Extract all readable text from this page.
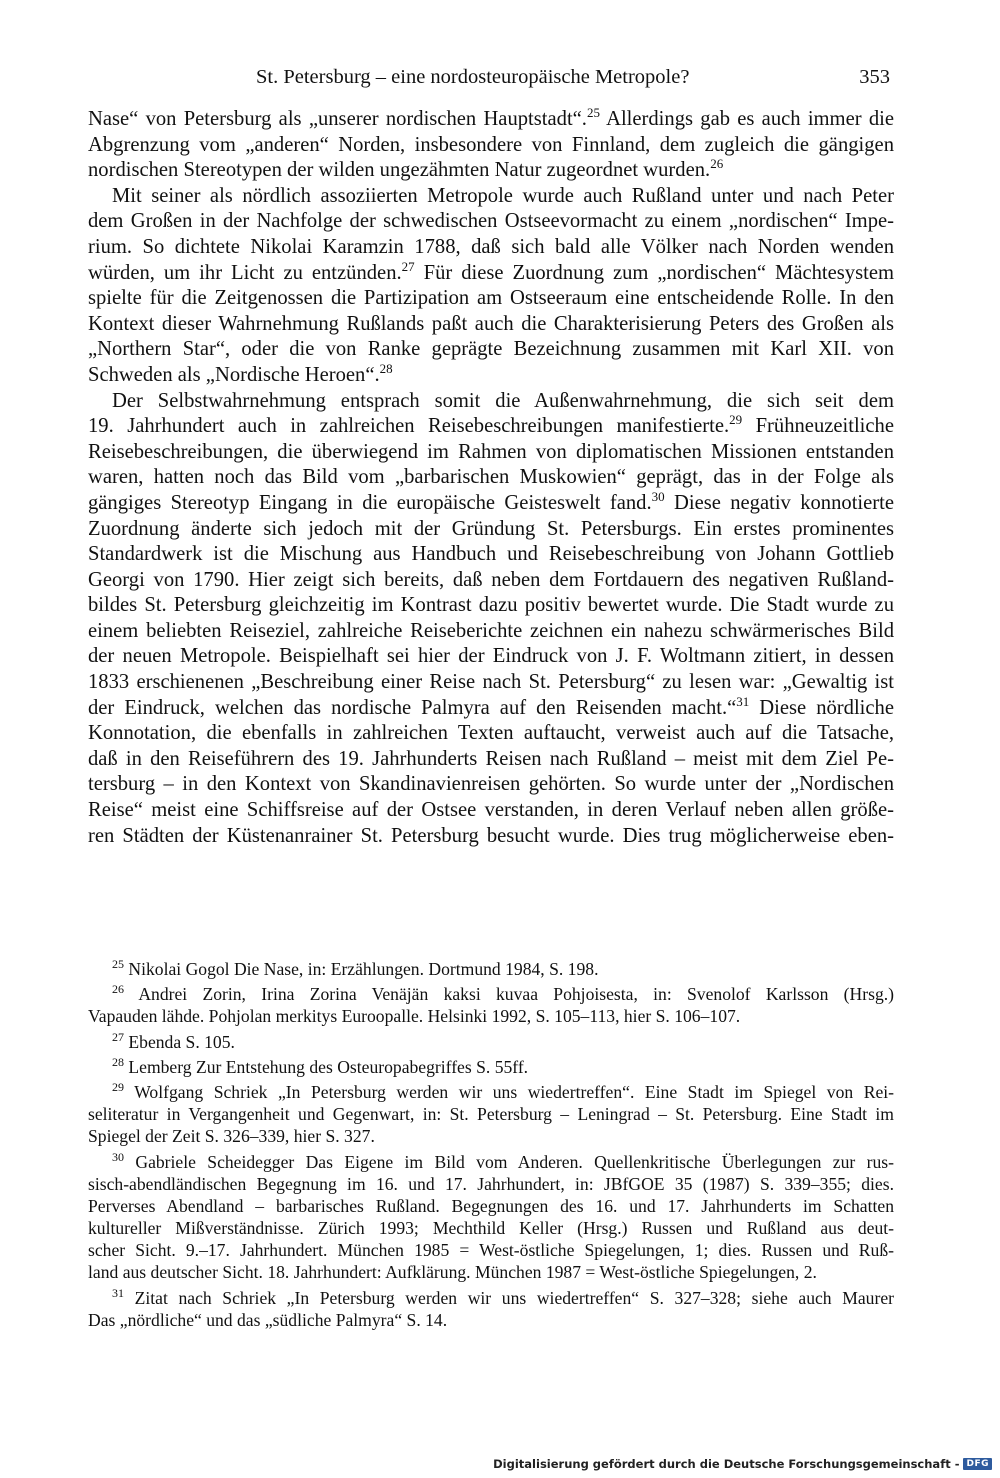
St. Petersburg – eine nordosteuropäische Metropole?	353
Nase“ von Petersburg als „unserer nordischen Hauptstadt“.$^{25}$ Allerdings gab es auch immer die
Abgrenzung vom „anderen“ Norden, insbesondere von Finnland, dem zugleich die gängigen
nordischen Stereotypen der wilden ungezähmten Natur zugeordnet wurden.$^{26}$
Mit seiner als nördlich assoziierten Metropole wurde auch Rußland unter und nach Peter
dem Großen in der Nachfolge der schwedischen Ostseevormacht zu einem „nordischen“ Impe-
rium. So dichtete Nikolai Karamzin 1788, daß sich bald alle Völker nach Norden wenden
würden, um ihr Licht zu entzünden.$^{27}$ Für diese Zuordnung zum „nordischen“ Mächtesystem
spielte für die Zeitgenossen die Partizipation am Ostseeraum eine entscheidende Rolle. In den
Kontext dieser Wahrnehmung Rußlands paßt auch die Charakterisierung Peters des Großen als
„Northern Star“, oder die von Ranke geprägte Bezeichnung zusammen mit Karl XII. von
Schweden als „Nordische Heroen“.$^{28}$
Der Selbstwahrnehmung entsprach somit die Außenwahrnehmung, die sich seit dem
19. Jahrhundert auch in zahlreichen Reisebeschreibungen manifestierte.$^{29}$ Frühneuzeitliche
Reisebeschreibungen, die überwiegend im Rahmen von diplomatischen Missionen entstanden
waren, hatten noch das Bild vom „barbarischen Muskowien“ geprägt, das in der Folge als
gängiges Stereotyp Eingang in die europäische Geisteswelt fand.$^{30}$ Diese negativ konnotierte
Zuordnung änderte sich jedoch mit der Gründung St. Petersburgs. Ein erstes prominentes
Standardwerk ist die Mischung aus Handbuch und Reisebeschreibung von Johann Gottlieb
Georgi von 1790. Hier zeigt sich bereits, daß neben dem Fortdauern des negativen Rußland-
bildes St. Petersburg gleichzeitig im Kontrast dazu positiv bewertet wurde. Die Stadt wurde zu
einem beliebten Reiseziel, zahlreiche Reiseberichte zeichnen ein nahezu schwärmerisches Bild
der neuen Metropole. Beispielhaft sei hier der Eindruck von J. F. Woltmann zitiert, in dessen
1833 erschienenen „Beschreibung einer Reise nach St. Petersburg“ zu lesen war: „Gewaltig ist
der Eindruck, welchen das nordische Palmyra auf den Reisenden macht.“$^{31}$ Diese nördliche
Konnotation, die ebenfalls in zahlreichen Texten auftaucht, verweist auch auf die Tatsache,
daß in den Reiseführern des 19. Jahrhunderts Reisen nach Rußland – meist mit dem Ziel Pe-
tersburg – in den Kontext von Skandinavienreisen gehörten. So wurde unter der „Nordischen
Reise“ meist eine Schiffsreise auf der Ostsee verstanden, in deren Verlauf neben allen größe-
ren Städten der Küstenanrainer St. Petersburg besucht wurde. Dies trug möglicherweise eben-
$^{25}$ Nikolai Gogol Die Nase, in: Erzählungen. Dortmund 1984, S. 198.
$^{26}$ Andrei Zorin, Irina Zorina Venäjän kaksi kuvaa Pohjoisesta, in: Svenolof Karlsson (Hrsg.)
Vapauden lähde. Pohjolan merkitys Euroopalle. Helsinki 1992, S. 105–113, hier S. 106–107.
$^{27}$ Ebenda S. 105.
$^{28}$ Lemberg Zur Entstehung des Osteuropabegriffes S. 55ff.
$^{29}$ Wolfgang Schriek „In Petersburg werden wir uns wiedertreffen“. Eine Stadt im Spiegel von Rei-
seliteratur in Vergangenheit und Gegenwart, in: St. Petersburg – Leningrad – St. Petersburg. Eine Stadt im
Spiegel der Zeit S. 326–339, hier S. 327.
$^{30}$ Gabriele Scheidegger Das Eigene im Bild vom Anderen. Quellenkritische Überlegungen zur rus-
sisch-abendländischen Begegnung im 16. und 17. Jahrhundert, in: JBfGOE 35 (1987) S. 339–355; dies.
Perverses Abendland – barbarisches Rußland. Begegnungen des 16. und 17. Jahrhunderts im Schatten
kultureller Mißverständnisse. Zürich 1993; Mechthild Keller (Hrsg.) Russen und Rußland aus deut-
scher Sicht. 9.–17. Jahrhundert. München 1985 = West-östliche Spiegelungen, 1; dies. Russen und Ruß-
land aus deutscher Sicht. 18. Jahrhundert: Aufklärung. München 1987 = West-östliche Spiegelungen, 2.
$^{31}$ Zitat nach Schriek „In Petersburg werden wir uns wiedertreffen“ S. 327–328; siehe auch Maurer
Das „nördliche“ und das „südliche Palmyra“ S. 14.
Digitalisierung gefördert durch die Deutsche Forschungsgemeinschaft - DFG
